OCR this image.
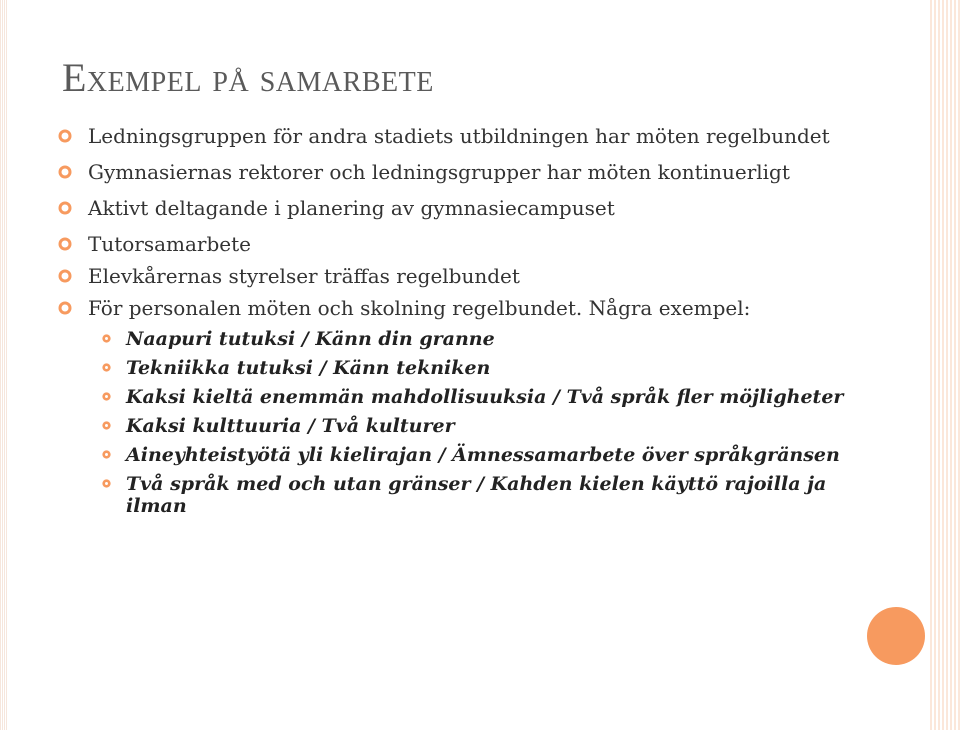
Exempel på samarbete
Ledningsgruppen för andra stadiets utbildningen har möten regelbundet
Gymnasiernas rektorer och ledningsgrupper har möten kontinuerligt
Aktivt deltagande i planering av gymnasiecampuset
Tutorsamarbete
Elevkårernas styrelser träffas regelbundet
För personalen möten och skolning regelbundet. Några exempel:
Naapuri tutuksi / Känn din granne
Tekniikka tutuksi / Känn tekniken
Kaksi kieltä enemmän mahdollisuuksia / Två språk fler möjligheter
Kaksi kulttuuria / Två kulturer
Aineyhteistyötä yli kielirajan / Ämnessamarbete över språkgränsen
Två språk med och utan gränser / Kahden kielen käyttö rajoilla ja ilman
